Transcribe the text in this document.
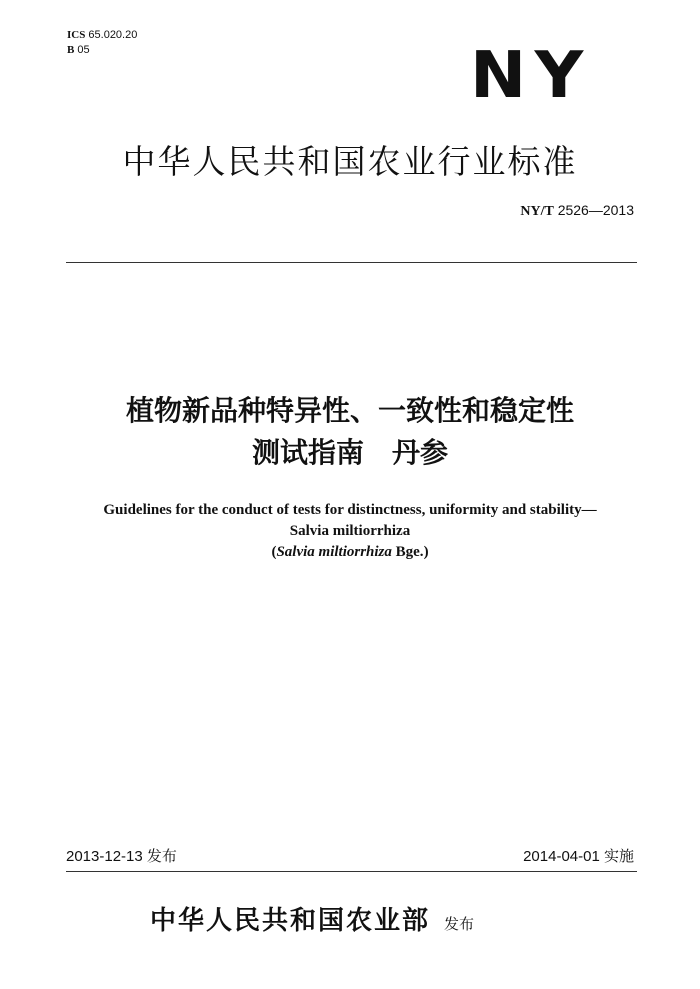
ICS 65.020.20
B 05	NY
中华人民共和国农业行业标准
NY/T 2526—2013
植物新品种特异性、一致性和稳定性
测试指南　丹参
Guidelines for the conduct of tests for distinctness, uniformity and stability—
Salvia miltiorrhiza
(Salvia miltiorrhiza Bge.)
2013-12-13 发布	2014-04-01 实施
中华人民共和国农业部 发布
